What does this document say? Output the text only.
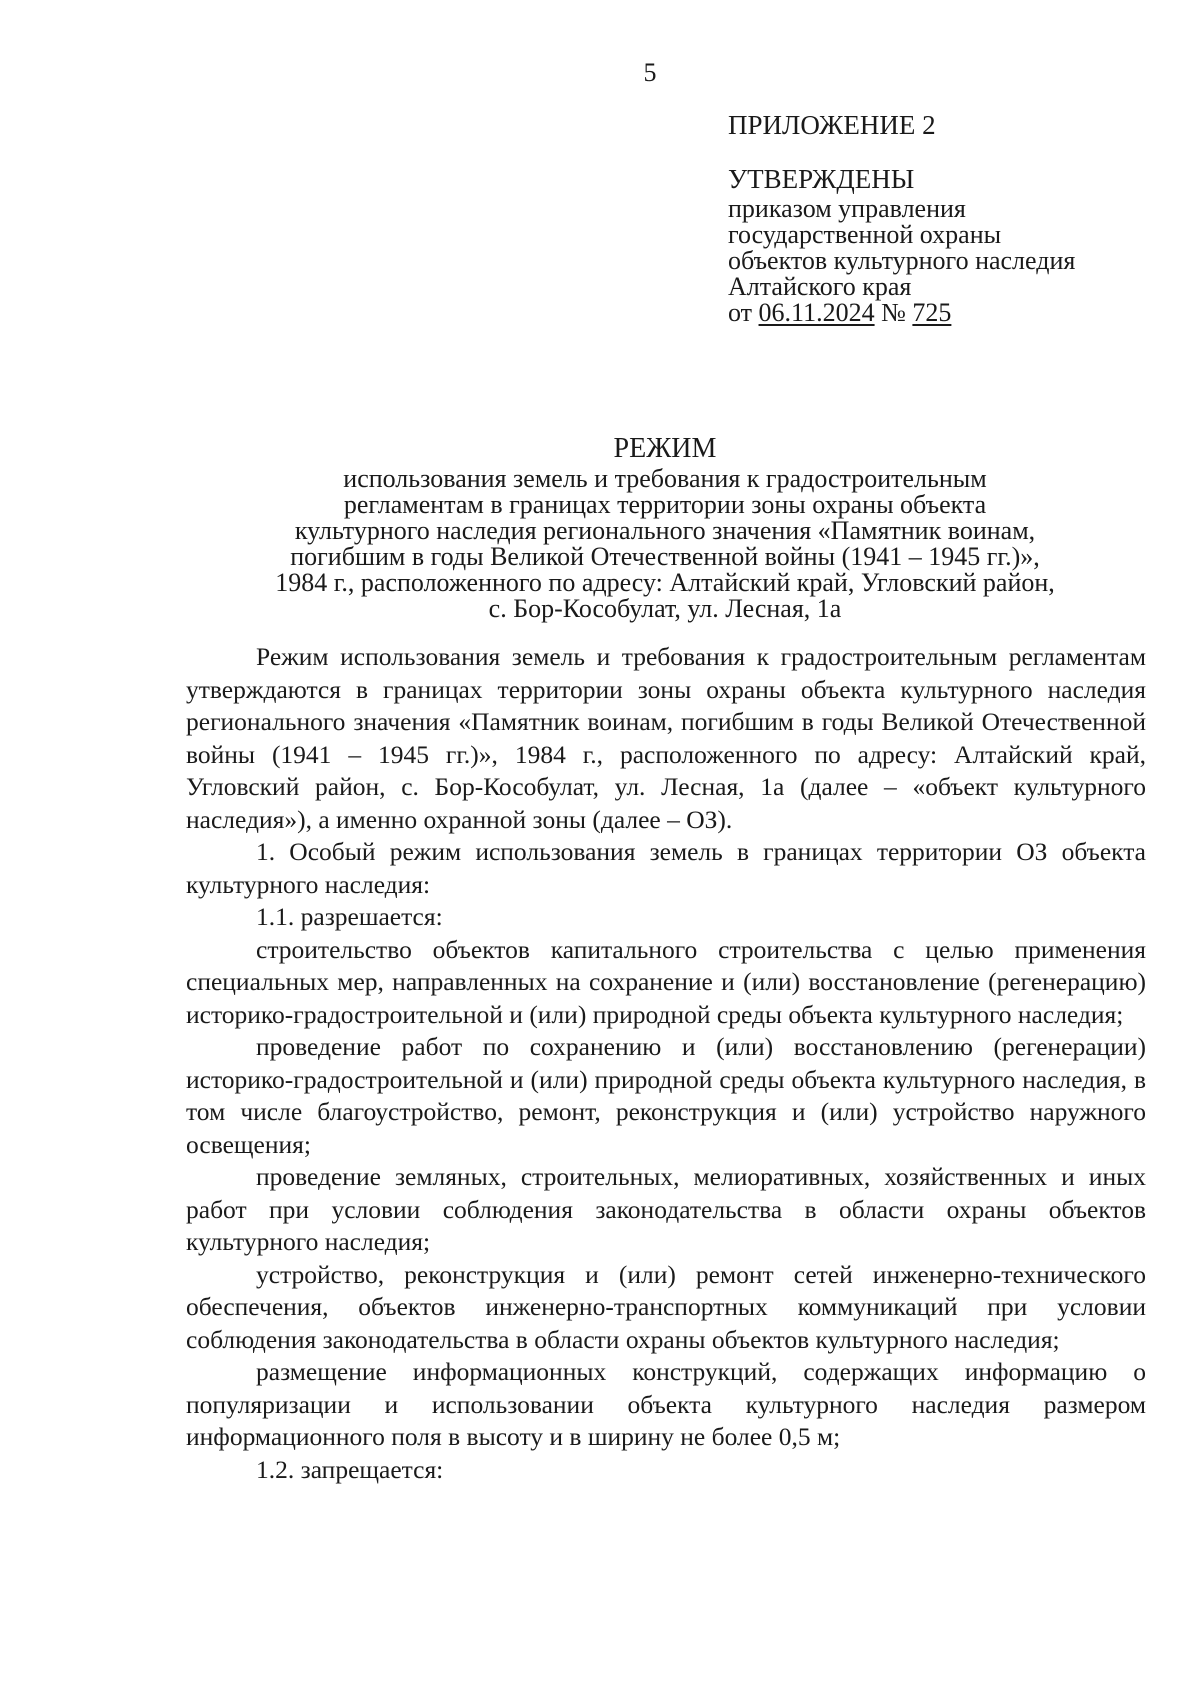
5
ПРИЛОЖЕНИЕ 2
УТВЕРЖДЕНЫ
приказом управления
государственной охраны
объектов культурного наследия
Алтайского края
от 06.11.2024 № 725
РЕЖИМ
использования земель и требования к градостроительным
регламентам в границах территории зоны охраны объекта
культурного наследия регионального значения «Памятник воинам,
погибшим в годы Великой Отечественной войны (1941 – 1945 гг.)»,
1984 г., расположенного по адресу: Алтайский край, Угловский район,
с. Бор-Кособулат, ул. Лесная, 1а

Режим использования земель и требования к градостроительным регламентам утверждаются в границах территории зоны охраны объекта культурного наследия регионального значения «Памятник воинам, погибшим в годы Великой Отечественной войны (1941 – 1945 гг.)», 1984 г., расположенного по адресу: Алтайский край, Угловский район, с. Бор-Кособулат, ул. Лесная, 1а (далее – «объект культурного наследия»), а именно охранной зоны (далее – ОЗ).

1. Особый режим использования земель в границах территории ОЗ объекта культурного наследия:

1.1. разрешается:

строительство объектов капитального строительства с целью применения специальных мер, направленных на сохранение и (или) восстановление (регенерацию) историко-градостроительной и (или) природной среды объекта культурного наследия;

проведение работ по сохранению и (или) восстановлению (регенерации) историко-градостроительной и (или) природной среды объекта культурного наследия, в том числе благоустройство, ремонт, реконструкция и (или) устройство наружного освещения;

проведение земляных, строительных, мелиоративных, хозяйственных и иных работ при условии соблюдения законодательства в области охраны объектов культурного наследия;

устройство, реконструкция и (или) ремонт сетей инженерно-технического обеспечения, объектов инженерно-транспортных коммуникаций при условии соблюдения законодательства в области охраны объектов культурного наследия;

размещение информационных конструкций, содержащих информацию о популяризации и использовании объекта культурного наследия размером информационного поля в высоту и в ширину не более 0,5 м;

1.2. запрещается:
